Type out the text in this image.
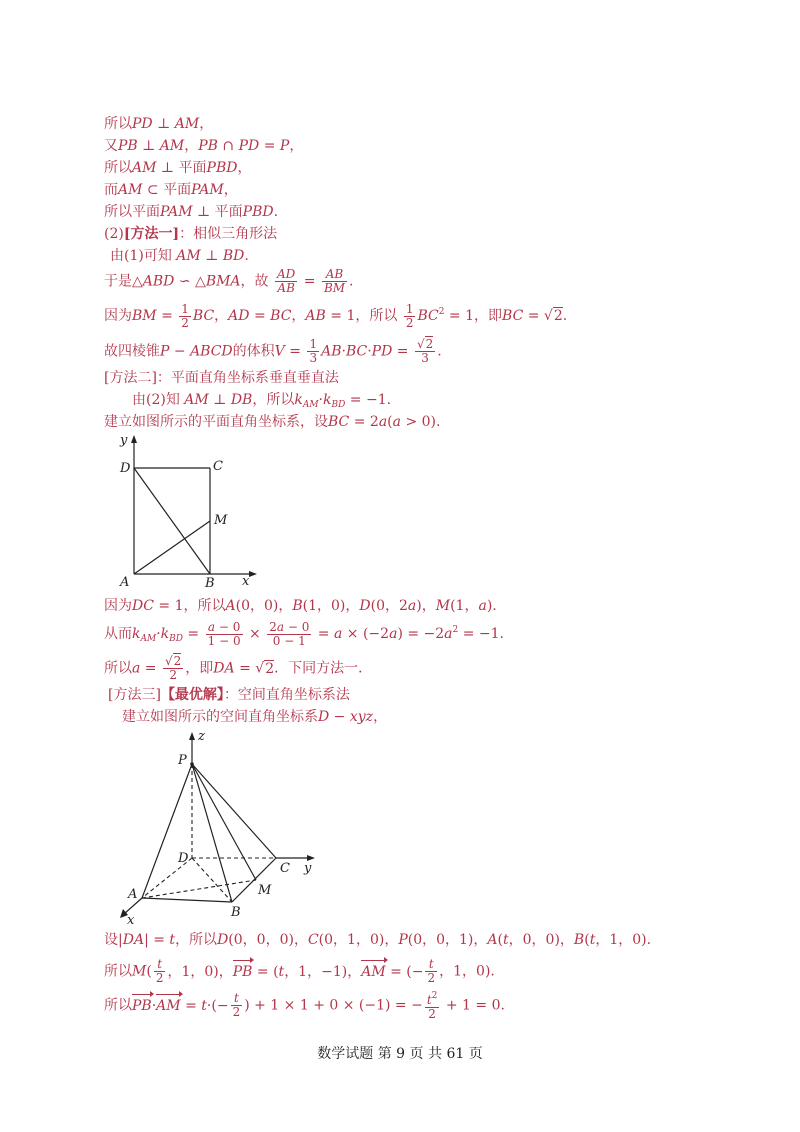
所以PD ⊥ AM，
又PB ⊥ AM，PB ∩ PD = P，
所以AM ⊥ 平面PBD，
而AM ⊂ 平面PAM，
所以平面PAM ⊥ 平面PBD.
(2)[方法一]：相似三角形法
由(1)可知 AM ⊥ BD.
于是△ABD ∽ △BMA，故 $\frac{AD}{AB} = \frac{AB}{BM}$ .
因为BM = $\frac{1}{2}$ BC，AD = BC，AB = 1，所以 $\frac{1}{2} BC^2 = 1$，即BC = √2.
故四棱锥P − ABCD的体积$V = \frac{1}{3} AB\cdot BC\cdot PD = \frac{√2}{3}$ .
[方法二]：平面直角坐标系垂直垂直法
由(2)知 AM ⊥ DB，所以$k_{AM}\cdot k_{BD} = -1$.
建立如图所示的平面直角坐标系，设BC = 2a(a > 0).
y
x
D	C
M
A	B
因为DC = 1，所以A(0，0)，B(1，0)，D(0，2a)，M(1，a).
从而$k_{AM}\cdot k_{BD} = \frac{a - 0}{1 - 0} \times \frac{2a - 0}{0 - 1} = a \times (-2a) = -2a^2 = -1$.
所以$a = \frac{√2}{2}$ ，即DA = √2．下同方法一．
[方法三]【最优解】：空间直角坐标系法
建立如图所示的空间直角坐标系D − xyz，
z
P
D
C y
M
A
B
x
设|DA| = t，所以D(0，0，0)，C(0，1，0)，P(0，0，1)，A(t，0，0)，B(t，1，0).
所以$M( \frac{t}{2}$ ，1，0)，PB = (t，1，−1)，AM = (− $\frac{t}{2}$ ，1，0).
所以$PB\cdot AM = t\cdot(- \frac{t}{2}$ ) + 1 × 1 + 0 × (−1) = − $\frac{t^2}{2} + 1 = 0$.
数学试题 第 9 页 共 61 页
